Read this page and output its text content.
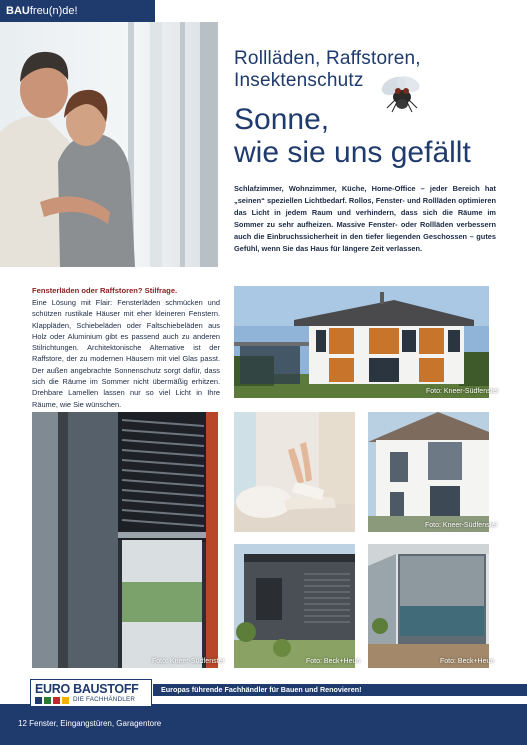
BAUfreu(n)de!
Rollläden, Raffstoren,
Insektenschutz
Sonne,
wie sie uns gefällt
Schlafzimmer, Wohnzimmer, Küche, Home-Office – jeder Bereich hat „seinen“ speziellen Lichtbedarf. Rollos, Fenster- und Rollläden optimieren das Licht in jedem Raum und verhindern, dass sich die Räume im Sommer zu sehr aufheizen. Massive Fenster- oder Rollläden verbessern auch die Einbruchssicherheit in den tiefer liegenden Geschossen – gutes Gefühl, wenn Sie das Haus für längere Zeit verlassen.
Fensterläden oder Raffstoren? Stilfrage.
Eine Lösung mit Flair: Fensterläden schmücken und schützen rustikale Häuser mit eher kleineren Fenstern. Klappläden, Schiebeläden oder Faltschiebeläden aus Holz oder Aluminium gibt es passend auch zu anderen Stilrichtungen. Architektonische Alternative ist der Raffstore, der zu modernen Häusern mit viel Glas passt. Der außen angebrachte Sonnenschutz sorgt dafür, dass sich die Räume im Sommer nicht übermäßig erhitzen. Drehbare Lamellen lassen nur so viel Licht in Ihre Räume, wie Sie wünschen.
Foto: Kneer-Südfenster
Foto: Kneer-Südfenster
Foto: Kneer-Südfenster
Foto: Beck+Heun	Foto: Beck+Heun
Europas führende Fachhändler für Bauen und Renovieren!
12 Fenster, Eingangstüren, Garagentore
EURO BAUSTOFF
DIE FACHHÄNDLER
